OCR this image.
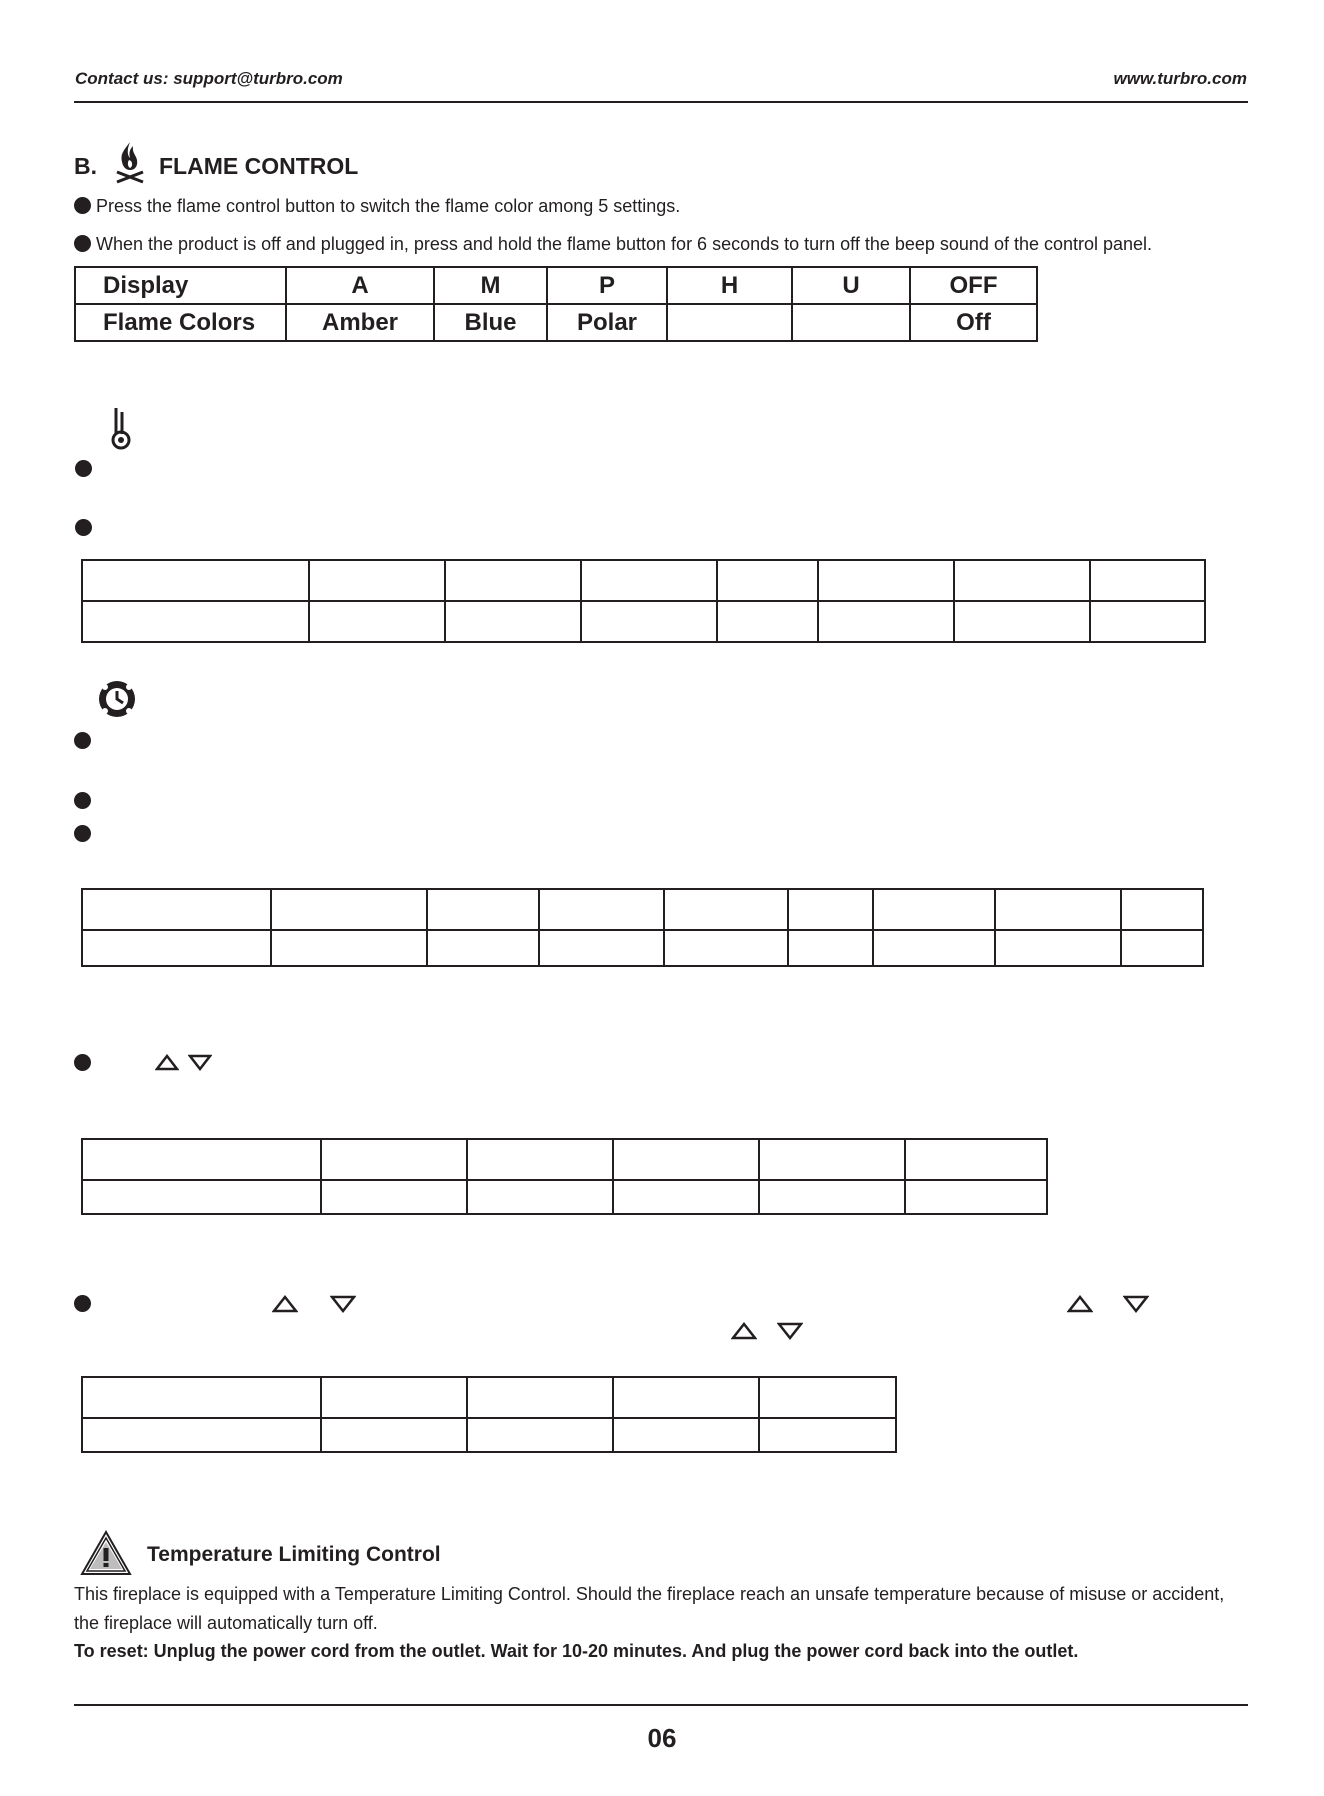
Contact us: support@turbro.com	www.turbro.com
B.	FLAME CONTROL
Press the flame control button to switch the flame color among 5 settings.
When the product is off and plugged in, press and hold the flame button for 6 seconds to turn off the beep sound of the control panel.
Display	A	M	P	H	U	OFF
Flame Colors	Amber	Blue	Polar			Off

Temperature Limiting Control
This fireplace is equipped with a Temperature Limiting Control. Should the fireplace reach an unsafe temperature because of misuse or accident, the fireplace will automatically turn off.
To reset: Unplug the power cord from the outlet. Wait for 10-20 minutes. And plug the power cord back into the outlet.
06
